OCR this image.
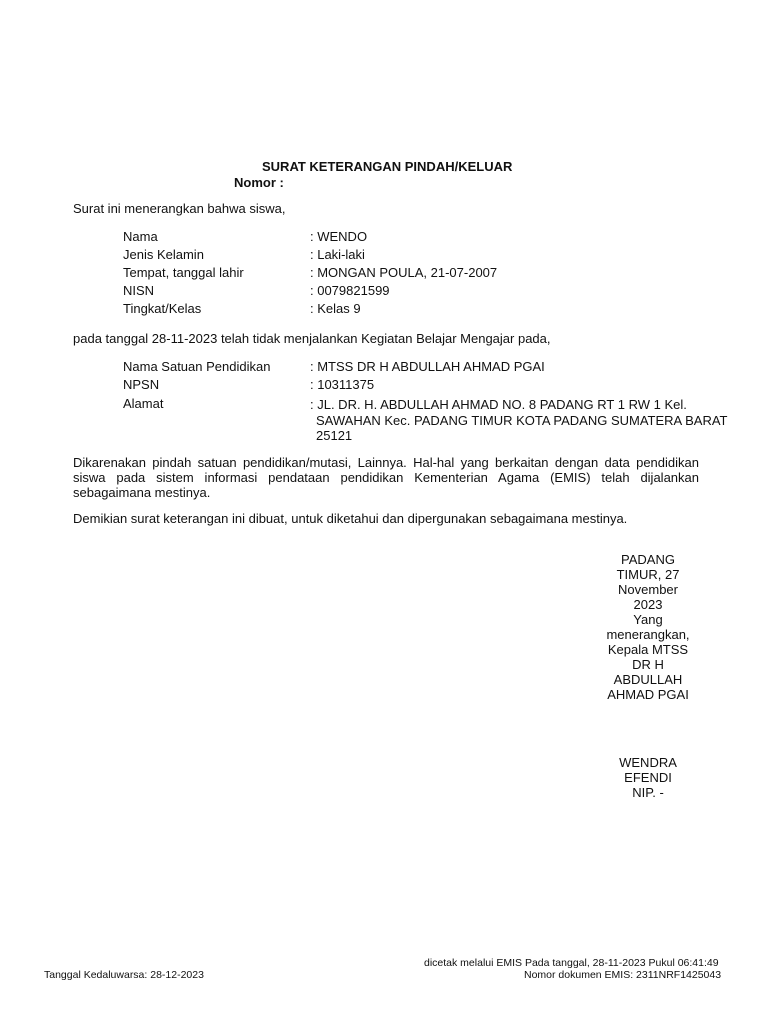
SURAT KETERANGAN PINDAH/KELUAR
Nomor :
Surat ini menerangkan bahwa siswa,
Nama	: WENDO
Jenis Kelamin	: Laki-laki
Tempat, tanggal lahir	: MONGAN POULA, 21-07-2007
NISN	: 0079821599
Tingkat/Kelas	: Kelas 9
pada tanggal 28-11-2023 telah tidak menjalankan Kegiatan Belajar Mengajar pada,
Nama Satuan Pendidikan	: MTSS DR H ABDULLAH AHMAD PGAI
NPSN	: 10311375
Alamat	: JL. DR. H. ABDULLAH AHMAD NO. 8 PADANG RT 1 RW 1 Kel.
SAWAHAN Kec. PADANG TIMUR KOTA PADANG SUMATERA BARAT
25121
Dikarenakan pindah satuan pendidikan/mutasi, Lainnya. Hal-hal yang berkaitan dengan data pendidikan siswa pada sistem informasi pendataan pendidikan Kementerian Agama (EMIS) telah dijalankan sebagaimana mestinya.
Demikian surat keterangan ini dibuat, untuk diketahui dan dipergunakan sebagaimana mestinya.
PADANG
TIMUR, 27
November
2023
Yang
menerangkan,
Kepala MTSS
DR H
ABDULLAH
AHMAD PGAI
WENDRA
EFENDI
NIP. -
dicetak melalui EMIS Pada tanggal, 28-11-2023 Pukul 06:41:49
Tanggal Kedaluwarsa: 28-12-2023	Nomor dokumen EMIS: 2311NRF1425043
